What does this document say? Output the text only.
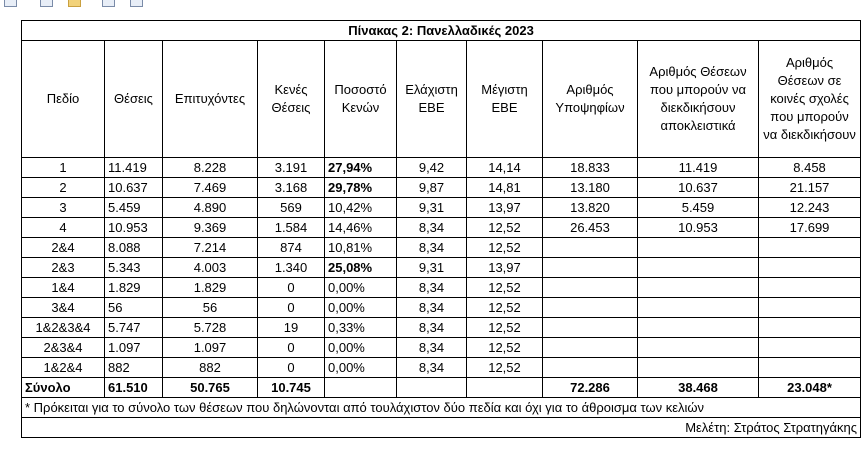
Πίνακας 2: Πανελλαδικές 2023									
Πεδίο	Θέσεις	Επιτυχόντες	Κενές Θέσεις	Ποσοστό Κενών	Ελάχιστη ΕΒΕ	Μέγιστη ΕΒΕ	Αριθμός Υποψηφίων	Αριθμός Θέσεων που μπορούν να διεκδικήσουν αποκλειστικά	Αριθμός Θέσεων σε κοινές σχολές που μπορούν να διεκδικήσουν
1	11.419	8.228	3.191	27,94%	9,42	14,14	18.833	11.419	8.458
2	10.637	7.469	3.168	29,78%	9,87	14,81	13.180	10.637	21.157
3	5.459	4.890	569	10,42%	9,31	13,97	13.820	5.459	12.243
4	10.953	9.369	1.584	14,46%	8,34	12,52	26.453	10.953	17.699
2&4	8.088	7.214	874	10,81%	8,34	12,52			
2&3	5.343	4.003	1.340	25,08%	9,31	13,97			
1&4	1.829	1.829	0	0,00%	8,34	12,52			
3&4	56	56	0	0,00%	8,34	12,52			
1&2&3&4	5.747	5.728	19	0,33%	8,34	12,52			
2&3&4	1.097	1.097	0	0,00%	8,34	12,52			
1&2&4	882	882	0	0,00%	8,34	12,52			
Σύνολο	61.510	50.765	10.745				72.286	38.468	23.048*
* Πρόκειται για το σύνολο των θέσεων που δηλώνονται από τουλάχιστον δύο πεδία και όχι για το άθροισμα των κελιών									
Μελέτη: Στράτος Στρατηγάκης									
